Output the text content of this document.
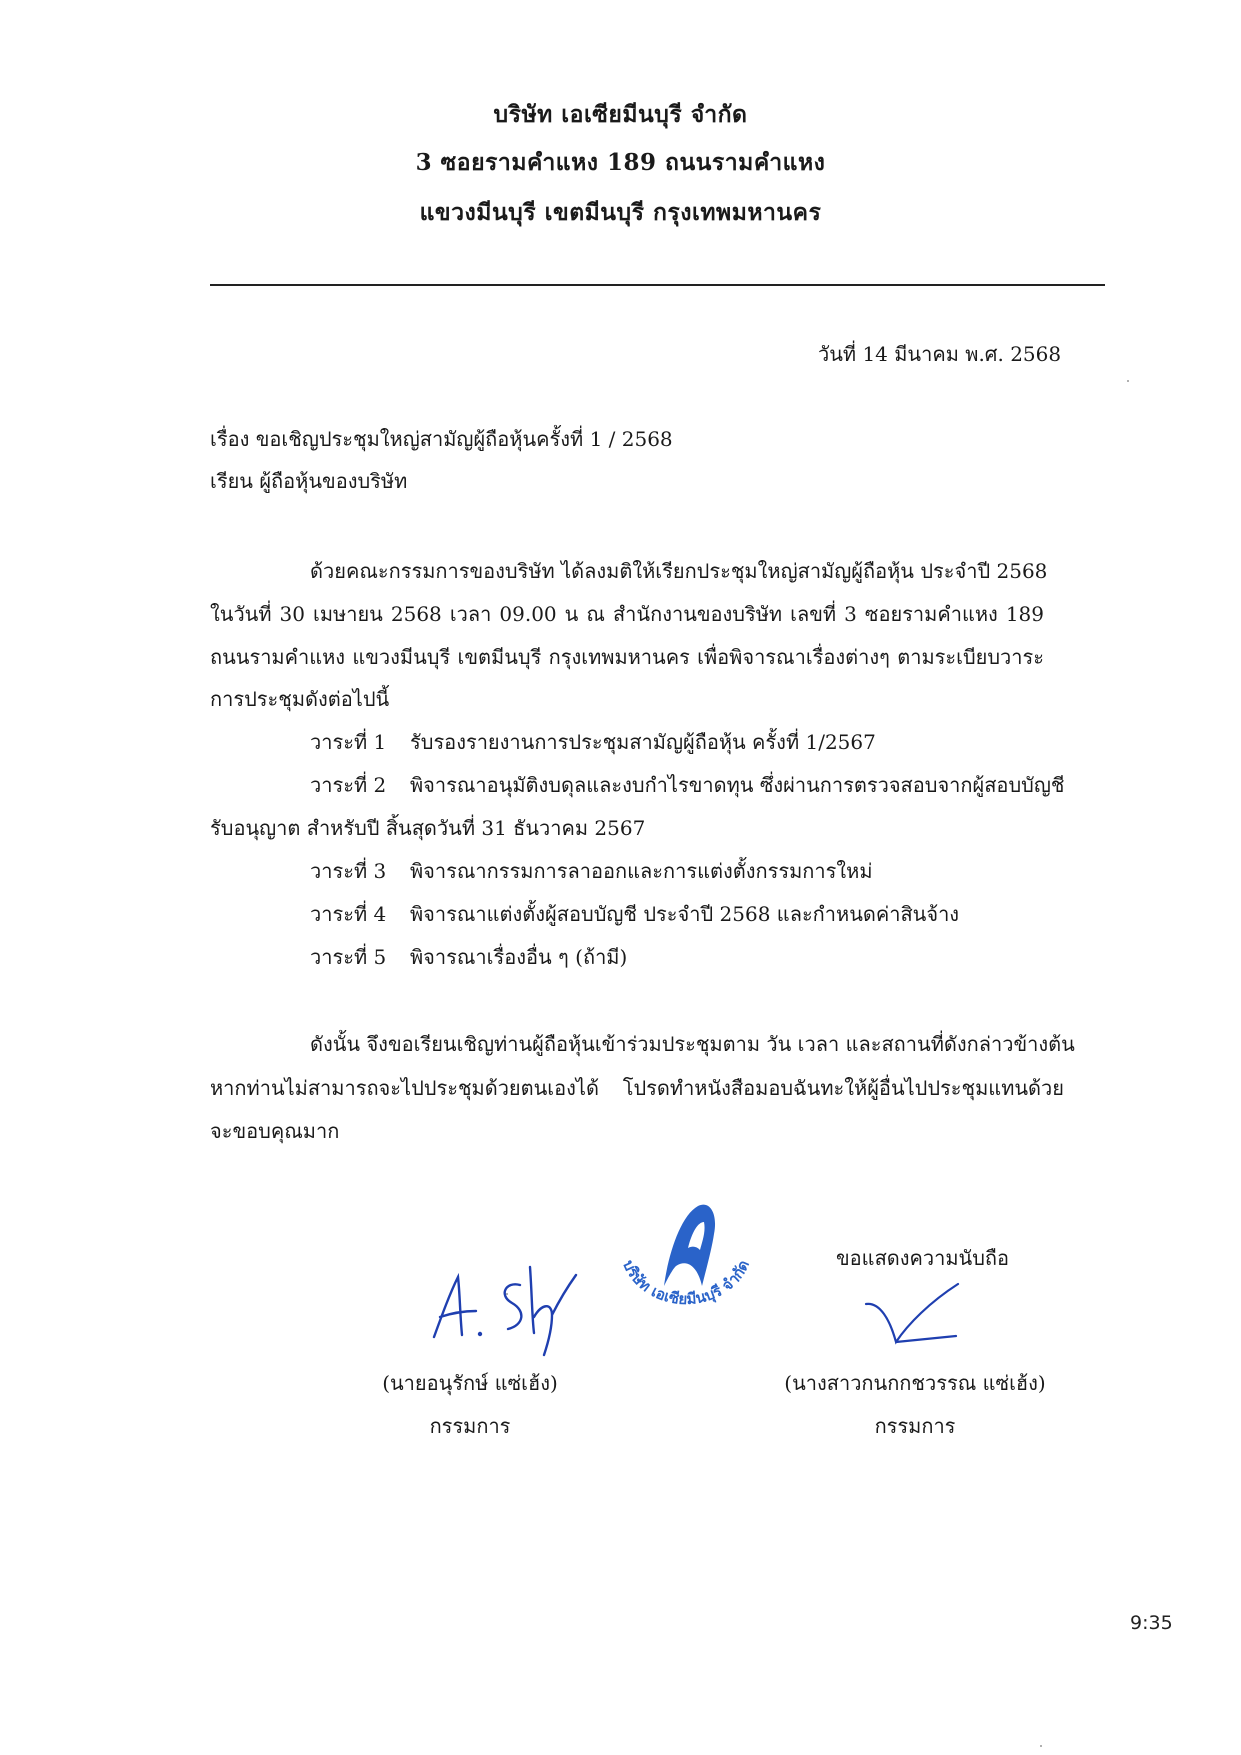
บริษัท เอเซียมีนบุรี จำกัด
3 ซอยรามคำแหง 189 ถนนรามคำแหง
แขวงมีนบุรี เขตมีนบุรี กรุงเทพมหานคร
วันที่ 14 มีนาคม พ.ศ. 2568
เรื่อง ขอเชิญประชุมใหญ่สามัญผู้ถือหุ้นครั้งที่ 1 / 2568
เรียน ผู้ถือหุ้นของบริษัท
ด้วยคณะกรรมการของบริษัท ได้ลงมติให้เรียกประชุมใหญ่สามัญผู้ถือหุ้น ประจำปี 2568
ในวันที่ 30 เมษายน 2568 เวลา 09.00 น ณ สำนักงานของบริษัท เลขที่ 3 ซอยรามคำแหง 189
ถนนรามคำแหง แขวงมีนบุรี เขตมีนบุรี กรุงเทพมหานคร เพื่อพิจารณาเรื่องต่างๆ ตามระเบียบวาระ
การประชุมดังต่อไปนี้
วาระที่ 1 รับรองรายงานการประชุมสามัญผู้ถือหุ้น ครั้งที่ 1/2567
วาระที่ 2 พิจารณาอนุมัติงบดุลและงบกำไรขาดทุน ซึ่งผ่านการตรวจสอบจากผู้สอบบัญชี
รับอนุญาต สำหรับปี สิ้นสุดวันที่ 31 ธันวาคม 2567
วาระที่ 3 พิจารณากรรมการลาออกและการแต่งตั้งกรรมการใหม่
วาระที่ 4 พิจารณาแต่งตั้งผู้สอบบัญชี ประจำปี 2568 และกำหนดค่าสินจ้าง
วาระที่ 5 พิจารณาเรื่องอื่น ๆ (ถ้ามี)
ดังนั้น จึงขอเรียนเชิญท่านผู้ถือหุ้นเข้าร่วมประชุมตาม วัน เวลา และสถานที่ดังกล่าวข้างต้น
หากท่านไม่สามารถจะไปประชุมด้วยตนเองได้ โปรดทำหนังสือมอบฉันทะให้ผู้อื่นไปประชุมแทนด้วย
จะขอบคุณมาก
ขอแสดงความนับถือ
บริษัท เอเซียมีนบุรี จำกัด
(นายอนุรักษ์ แซ่เฮ้ง)
กรรมการ
(นางสาวกนกกชวรรณ แซ่เฮ้ง)
กรรมการ
9:35
